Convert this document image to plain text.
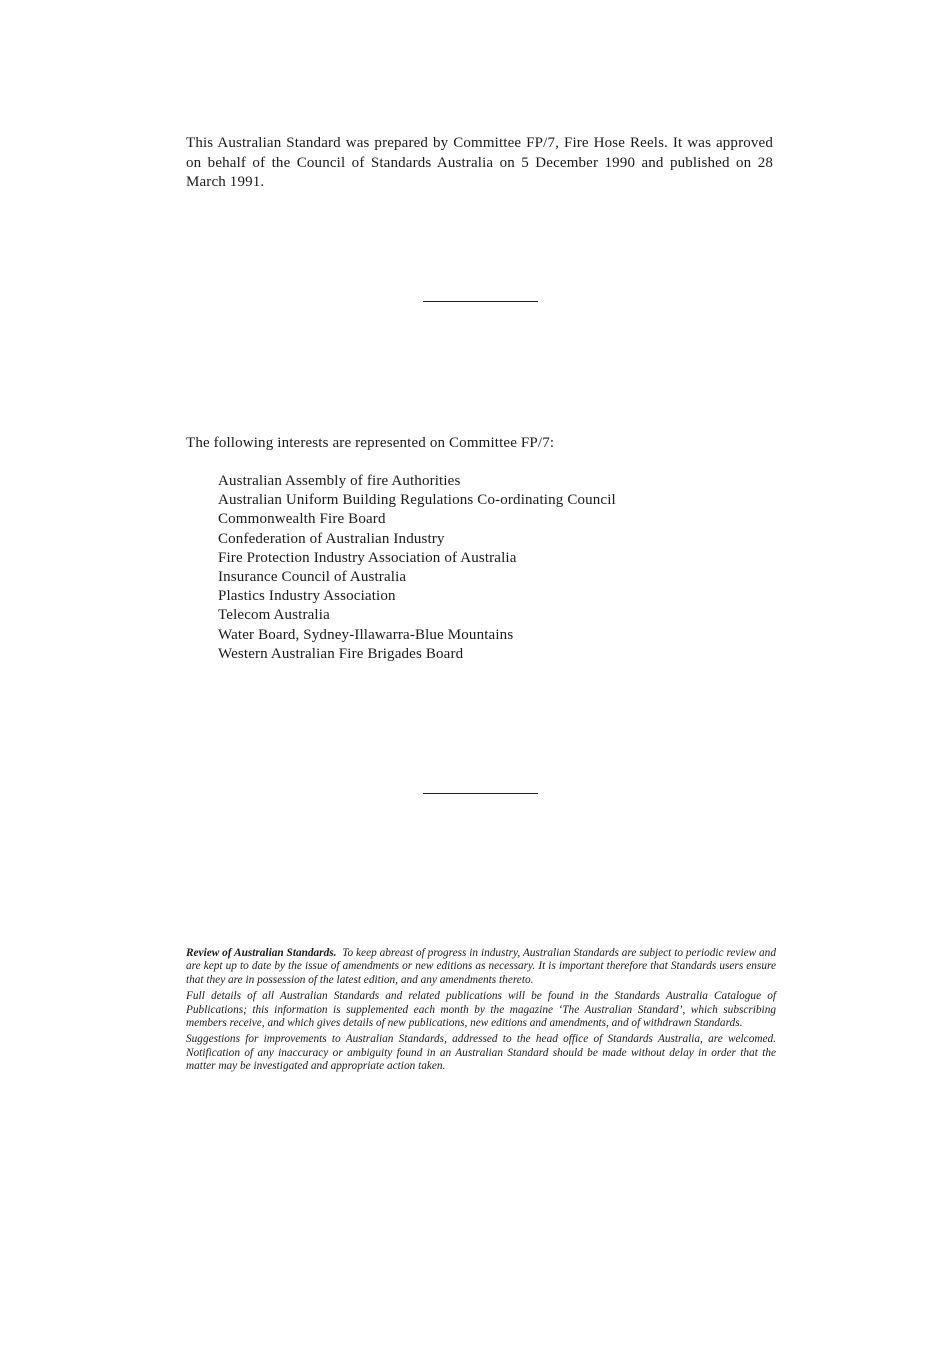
This Australian Standard was prepared by Committee FP/7, Fire Hose Reels. It was approved on behalf of the Council of Standards Australia on 5 December 1990 and published on 28 March 1991.

The following interests are represented on Committee FP/7:

Australian Assembly of fire Authorities
Australian Uniform Building Regulations Co-ordinating Council
Commonwealth Fire Board
Confederation of Australian Industry
Fire Protection Industry Association of Australia
Insurance Council of Australia
Plastics Industry Association
Telecom Australia
Water Board, Sydney-Illawarra-Blue Mountains
Western Australian Fire Brigades Board

Review of Australian Standards. To keep abreast of progress in industry, Australian Standards are subject to periodic review and are kept up to date by the issue of amendments or new editions as necessary. It is important therefore that Standards users ensure that they are in possession of the latest edition, and any amendments thereto.

Full details of all Australian Standards and related publications will be found in the Standards Australia Catalogue of Publications; this information is supplemented each month by the magazine ‘The Australian Standard’, which subscribing members receive, and which gives details of new publications, new editions and amendments, and of withdrawn Standards.

Suggestions for improvements to Australian Standards, addressed to the head office of Standards Australia, are welcomed. Notification of any inaccuracy or ambiguity found in an Australian Standard should be made without delay in order that the matter may be investigated and appropriate action taken.
